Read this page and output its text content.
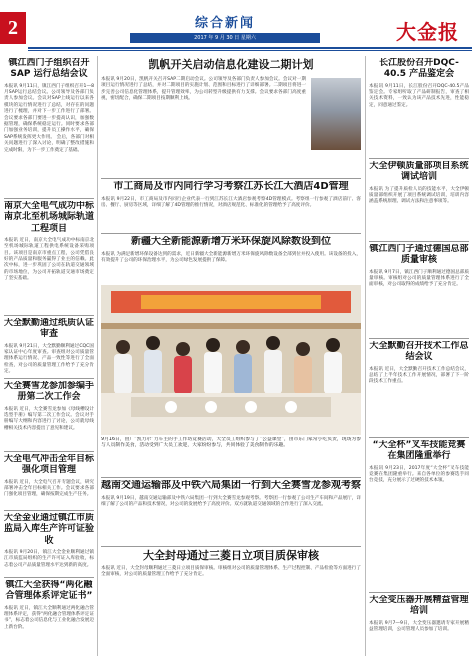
2	综合新闻
2017 年 9 月 30 日 星期六	大金报
镇江西门子组织召开SAP 运行总结会议
本报讯 9月11日，镇江西门子组织召开1—8月SAP运行总结会议。公司领导及各部门负责人参加会议。会议对SAP上线运行以来各模块的运行情况进行了总结，对存在的问题进行了梳理，并对下一步工作进行了部署。会议要求各部门要进一步提高认识，加强数据管理，确保系统稳定运行。同时要求各部门加强业务培训，提升员工操作水平，确保SAP系统发挥更大作用。 会后，各部门对相关问题进行了深入讨论，明确了整改措施和完成时限，为下一步工作奠定了基础。
南京大全电气成功中标南京北至机场城际轨道工程项目
本报讯 近日，南京大全电气成功中标南京北至机场城际轨道工程供电系统设备采购项目。该项目是南京市重点工程，公司凭借良好的产品质量和服务赢得了业主的信赖。此次中标，进一步巩固了公司在轨道交通领域的市场地位，为公司开拓轨道交通市场奠定了坚实基础。
大全默勤通过纸质认证审查
本报讯 9月21日，大全默勤顺利通过CQC国家认证中心年度审查。审查组对公司质量管理体系运行情况、产品一致性等进行了全面检查，对公司的质量管理工作给予了充分肯定。
大全赛雪龙参加参编手册第二次工作会
本报讯 近日，大全赛雪龙参加《母线槽设计选型手册》编写第二次工作会议。会议对手册编写大纲和内容进行了讨论，公司就母线槽相关技术内容提出了意见和建议。
大全电气冲击全年目标强化项目管理
本报讯 近日，大全电气召开专题会议，研究部署冲击全年目标相关工作。会议要求各部门强化项目管理，确保按期完成生产任务。
大全金业通过镇江市质监局入库生产许可证验收
本报讯 9月20日，镇江大全金业顺利通过镇江市质监局组织的生产许可证入库验收，标志着公司产品质量管理水平达到新的高度。
镇江大全获得“两化融合管理体系评定证书”
本报讯 近日，镇江大全顺利通过两化融合管理体系评定，获得“两化融合管理体系评定证书”，标志着公司信息化与工业化融合发展迈上新台阶。
凯帆开关启动信息化建设二期计划
本报讯 9月20日，凯帆开关召开SAP二期启动会议。公司领导及各部门负责人参加会议。会议对一期项目运行情况进行了总结，并对二期项目的实施计划、范围和目标进行了详细部署。二期项目将进一步完善公司信息化管理体系，提升管理效率，为公司转型升级提供有力支撑。会议要求各部门高度重视，密切配合，确保二期项目按期顺利上线。
市工商局及市内同行学习考察江苏长江大酒店4D管理
本报讯 9月22日，市工商局及市内同行企业代表一行到江苏长江大酒店参观考察4D管理模式。考察组一行参观了酒店前厅、客房、餐厅、厨房等区域，详细了解了4D管理的推行情况，对酒店规范化、标准化的管理给予了高度评价。
新疆大全新能源新增万米环保旋风除数设到位
本报讯 为满足新增环保设备达到的需求，近日新疆大全新能源新增万米环保旋风除数设备全部到位并投入使用。该设备的投入，有效提升了公司的环保治理水平，为公司绿色发展提供了保障。
9月16日，由广“凯力尔”力车主的手工作坊竞赛活动，大全员工组织参与了“公益课堂”，由市东门家常小吃负责，现场为参与人员制作美食，活动受到广大员工欢迎，大家纷纷参与，共同体验了美食制作的乐趣。
越南交通运输部及中铁六局集团一行到大全赛雪龙参观考察
本报讯 9月19日，越南交通运输部及中铁六局集团一行到大全赛雪龙参观考察。考察团一行参观了公司生产车间和产品展厅，详细了解了公司的产品和技术情况，对公司的发展给予了高度评价。双方就轨道交通领域的合作进行了深入交流。
大全封母通过三菱日立项目质保审核
本报讯 近日，大全封母顺利通过三菱日立项目质保审核。审核组对公司的质量管理体系、生产过程控制、产品检验等方面进行了全面审核，对公司的质量管理工作给予了充分肯定。
长江股份召开DQC-40.5 产品鉴定会
本报讯 9月11日，长江股份召开DQC-40.5产品鉴定会。专家组听取了产品研制报告，审查了相关技术资料，一致认为该产品技术先进，性能稳定，同意通过鉴定。
大全伊顿质量部项目系统调试培训
本报讯 为了提升质检人员的技能水平，大全伊顿质量部组织开展了项目系统调试培训，培训内容涵盖系统原理、调试方法和注意事项等。
镇江西门子通过德国总部质量审核
本报讯 9月7日，镇江西门子顺利通过德国总部质量审核。审核组对公司的质量管理体系进行了全面审核，对公司取得的成绩给予了充分肯定。
大全默勤召开技术工作总结会议
本报讯 近日，大全默勤召开技术工作总结会议，总结了上半年技术工作开展情况，部署了下一阶段技术工作重点。
“大全杯”叉车技能竞赛在集团隆重举行
本报讯 9月23日，2017年度“大全杯”叉车技能竞赛在集团隆重举行。来自各单位的参赛选手同台竞技，充分展示了过硬的技术本领。
大全变压器开展精益管理培训
本报讯 9月7—9日，大全变压器邀请专家开展精益管理培训，公司管理人员参加了培训。
